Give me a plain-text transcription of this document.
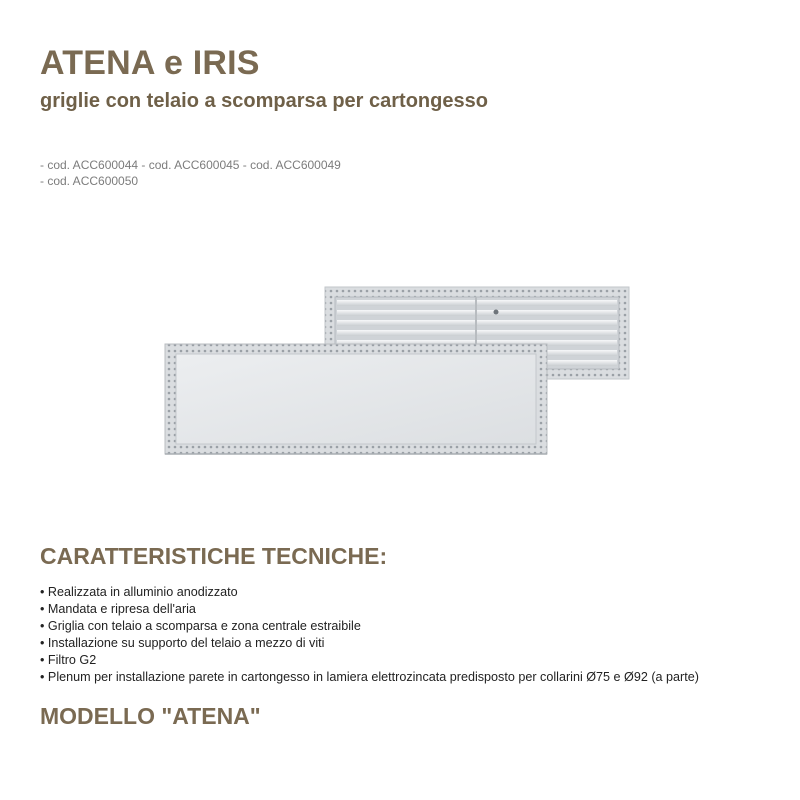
ATENA e IRIS
griglie con telaio a scomparsa per cartongesso
- cod. ACC600044 - cod. ACC600045 - cod. ACC600049
- cod. ACC600050
CARATTERISTICHE TECNICHE:
• Realizzata in alluminio anodizzato
• Mandata e ripresa dell'aria
• Griglia con telaio a scomparsa e zona centrale estraibile
• Installazione su supporto del telaio a mezzo di viti
• Filtro G2
• Plenum per installazione parete in cartongesso in lamiera elettrozincata predisposto per collarini Ø75 e Ø92 (a parte)
MODELLO "ATENA"
